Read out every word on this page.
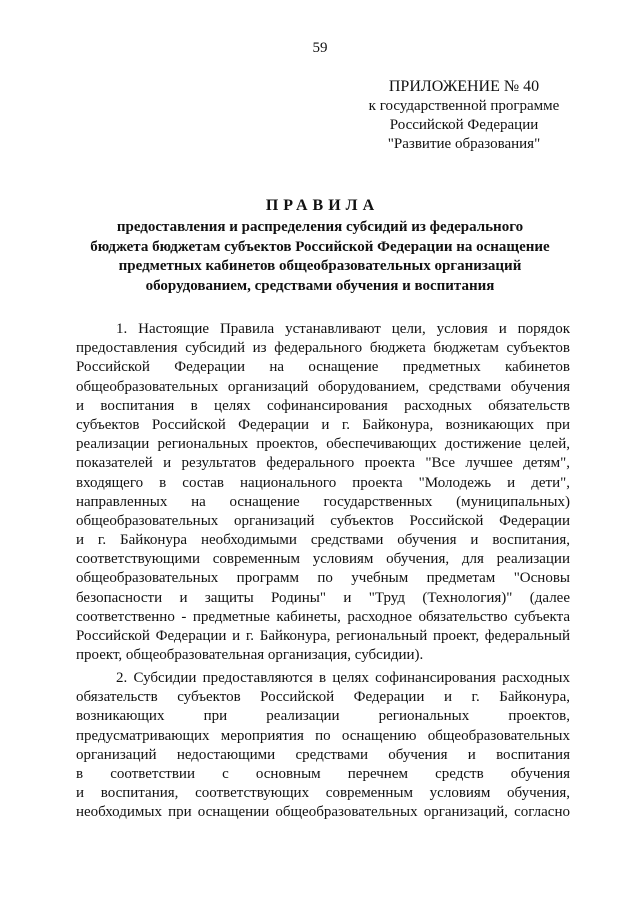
59
ПРИЛОЖЕНИЕ № 40
к государственной программе
Российской Федерации
"Развитие образования"
ПРАВИЛА
предоставления и распределения субсидий из федерального
бюджета бюджетам субъектов Российской Федерации на оснащение
предметных кабинетов общеобразовательных организаций
оборудованием, средствами обучения и воспитания
1. Настоящие Правила устанавливают цели, условия и порядок
предоставления субсидий из федерального бюджета бюджетам субъектов
Российской Федерации на оснащение предметных кабинетов
общеобразовательных организаций оборудованием, средствами обучения
и воспитания в целях софинансирования расходных обязательств
субъектов Российской Федерации и г. Байконура, возникающих при
реализации региональных проектов, обеспечивающих достижение целей,
показателей и результатов федерального проекта "Все лучшее детям",
входящего в состав национального проекта "Молодежь и дети",
направленных на оснащение государственных (муниципальных)
общеобразовательных организаций субъектов Российской Федерации
и г. Байконура необходимыми средствами обучения и воспитания,
соответствующими современным условиям обучения, для реализации
общеобразовательных программ по учебным предметам "Основы
безопасности и защиты Родины" и "Труд (Технология)" (далее
соответственно - предметные кабинеты, расходное обязательство субъекта
Российской Федерации и г. Байконура, региональный проект, федеральный
проект, общеобразовательная организация, субсидии).
2. Субсидии предоставляются в целях софинансирования расходных
обязательств субъектов Российской Федерации и г. Байконура,
возникающих при реализации региональных проектов,
предусматривающих мероприятия по оснащению общеобразовательных
организаций недостающими средствами обучения и воспитания
в соответствии с основным перечнем средств обучения
и воспитания, соответствующих современным условиям обучения,
необходимых при оснащении общеобразовательных организаций, согласно
